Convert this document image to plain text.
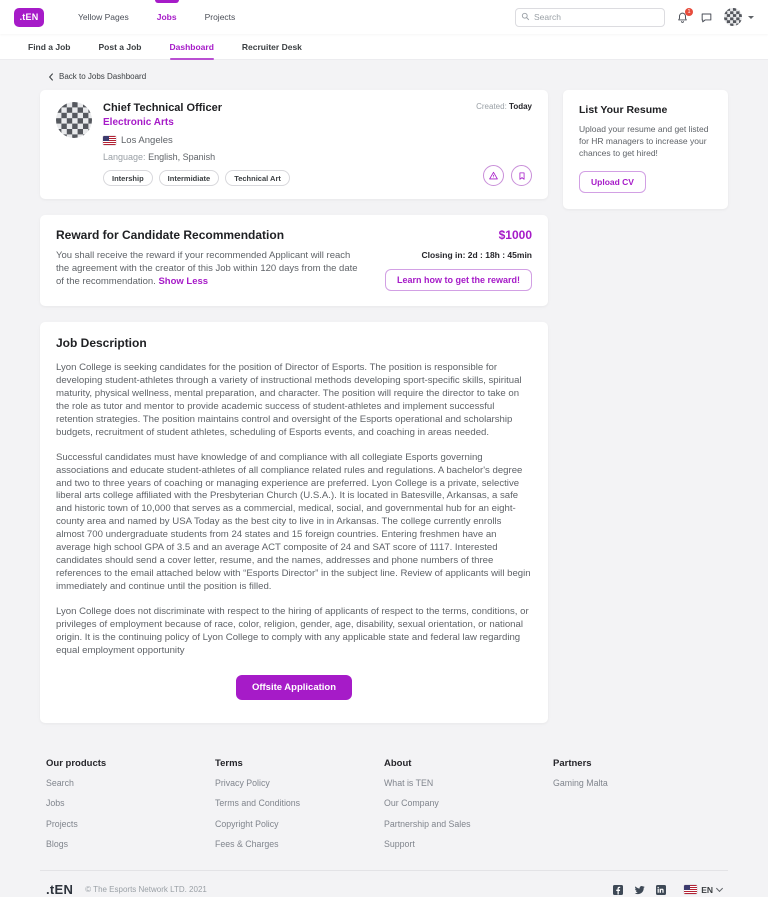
.tEN	Yellow Pages	Jobs	Projects
Search
1
Find a Job	Post a Job	Dashboard	Recruiter Desk
Back to Jobs Dashboard
Chief Technical Officer
Electronic Arts
Los Angeles
Language: English, Spanish
Intership	Intermidiate	Technical Art
Created: Today
Reward for Candidate Recommendation	$1000
You shall receive the reward if your recommended Applicant will reach the agreement with the creator of this Job within 120 days from the date of the recommendation. Show Less
Closing in: 2d : 18h : 45min
Learn how to get the reward!
Job Description

Lyon College is seeking candidates for the position of Director of Esports. The position is responsible for developing student-athletes through a variety of instructional methods developing sport-specific skills, spiritual maturity, physical wellness, mental preparation, and character. The position will require the director to take on the role as tutor and mentor to provide academic success of student-athletes and implement successful retention strategies. The position maintains control and oversight of the Esports operational and scholarship budgets, recruitment of student athletes, scheduling of Esports events, and coaching in areas needed.

Successful candidates must have knowledge of and compliance with all collegiate Esports governing associations and educate student-athletes of all compliance related rules and regulations. A bachelor's degree and two to three years of coaching or managing experience are preferred. Lyon College is a private, selective liberal arts college affiliated with the Presbyterian Church (U.S.A.). It is located in Batesville, Arkansas, a safe and historic town of 10,000 that serves as a commercial, medical, social, and governmental hub for an eight-county area and named by USA Today as the best city to live in in Arkansas. The college currently enrolls almost 700 undergraduate students from 24 states and 15 foreign countries. Entering freshmen have an average high school GPA of 3.5 and an average ACT composite of 24 and SAT score of 1117. Interested candidates should send a cover letter, resume, and the names, addresses and phone numbers of three references to the email attached below with “Esports Director” in the subject line. Review of applicants will begin immediately and continue until the position is filled.

Lyon College does not discriminate with respect to the hiring of applicants of respect to the terms, conditions, or privileges of employment because of race, color, religion, gender, age, disability, sexual orientation, or national origin. It is the continuing policy of Lyon College to comply with any applicable state and federal law regarding equal employment opportunity

Offsite Application
List Your Resume
Upload your resume and get listed for HR managers to increase your chances to get hired!
Upload CV
Our products
Search
Jobs
Projects
Blogs
Terms
Privacy Policy
Terms and Conditions
Copyright Policy
Fees & Charges
About
What is TEN
Our Company
Partnership and Sales
Support
Partners
Gaming Malta
.tEN © The Esports Network LTD. 2021	EN
